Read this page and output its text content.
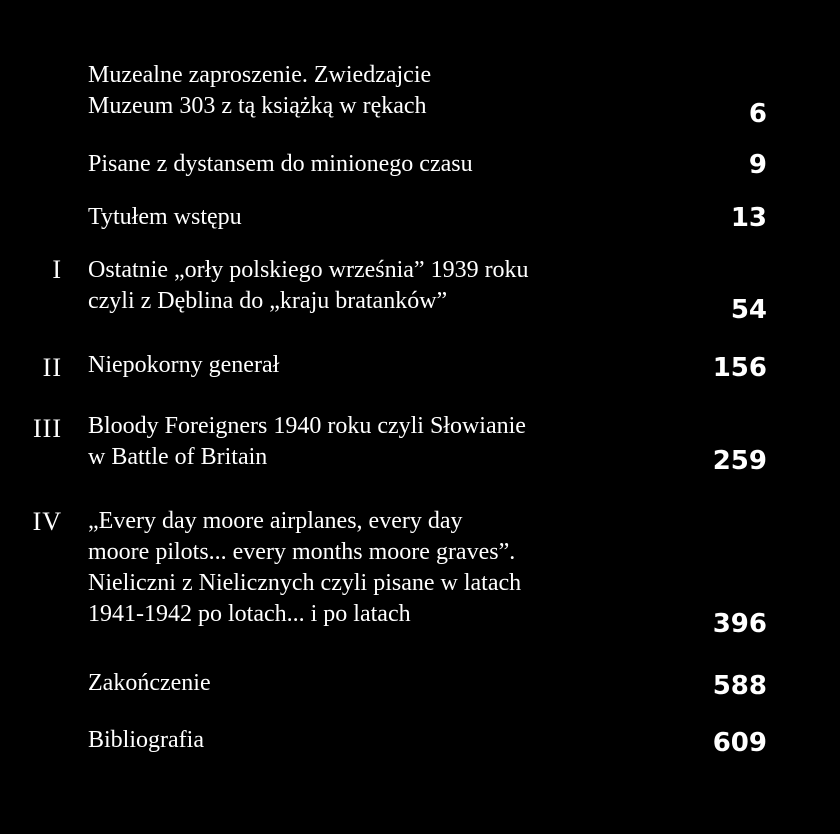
Muzealne zaproszenie. Zwiedzajcie
Muzeum 303 z tą książką w rękach	6
Pisane z dystansem do minionego czasu	9
Tytułem wstępu	13
I Ostatnie „orły polskiego września” 1939 roku
czyli z Dęblina do „kraju bratanków”	54
II Niepokorny generał	156
III Bloody Foreigners 1940 roku czyli Słowianie
w Battle of Britain	259
IV „Every day moore airplanes, every day
moore pilots... every months moore graves”.
Nieliczni z Nielicznych czyli pisane w latach
1941-1942 po lotach... i po latach	396
Zakończenie	588
Bibliografia	609
